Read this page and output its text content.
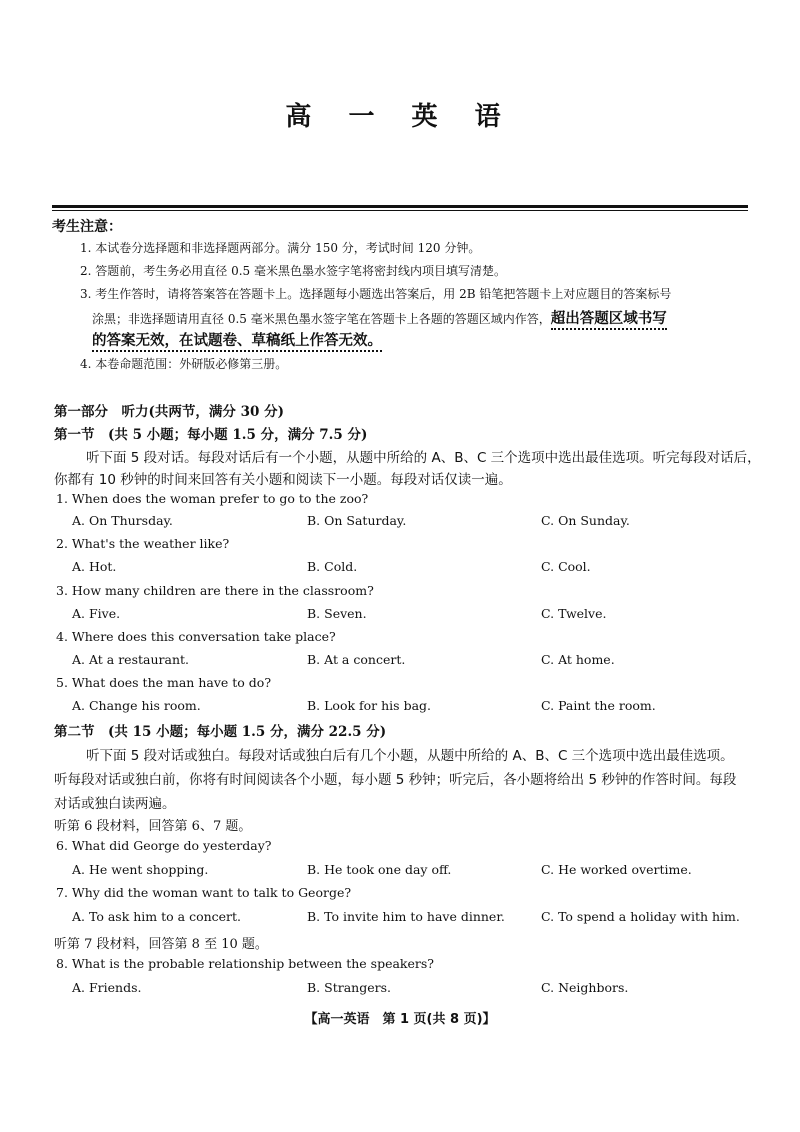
高 一 英 语
考生注意：
1. 本试卷分选择题和非选择题两部分。满分 150 分，考试时间 120 分钟。
2. 答题前，考生务必用直径 0.5 毫米黑色墨水签字笔将密封线内项目填写清楚。
3. 考生作答时，请将答案答在答题卡上。选择题每小题选出答案后，用 2B 铅笔把答题卡上对应题目的答案标号
涂黑；非选择题请用直径 0.5 毫米黑色墨水签字笔在答题卡上各题的答题区域内作答，超出答题区域书写
的答案无效，在试题卷、草稿纸上作答无效。
4. 本卷命题范围：外研版必修第三册。
第一部分　听力(共两节，满分 30 分)
第一节　(共 5 小题；每小题 1.5 分，满分 7.5 分)
听下面 5 段对话。每段对话后有一个小题，从题中所给的 A、B、C 三个选项中选出最佳选项。听完每段对话后，
你都有 10 秒钟的时间来回答有关小题和阅读下一小题。每段对话仅读一遍。
1. When does the woman prefer to go to the zoo?
A. On Thursday.	B. On Saturday.	C. On Sunday.
2. What's the weather like?
A. Hot.	B. Cold.	C. Cool.
3. How many children are there in the classroom?
A. Five.	B. Seven.	C. Twelve.
4. Where does this conversation take place?
A. At a restaurant.	B. At a concert.	C. At home.
5. What does the man have to do?
A. Change his room.	B. Look for his bag.	C. Paint the room.
第二节　(共 15 小题；每小题 1.5 分，满分 22.5 分)
听下面 5 段对话或独白。每段对话或独白后有几个小题，从题中所给的 A、B、C 三个选项中选出最佳选项。
听每段对话或独白前，你将有时间阅读各个小题，每小题 5 秒钟；听完后，各小题将给出 5 秒钟的作答时间。每段
对话或独白读两遍。
听第 6 段材料，回答第 6、7 题。
6. What did George do yesterday?
A. He went shopping.	B. He took one day off.	C. He worked overtime.
7. Why did the woman want to talk to George?
A. To ask him to a concert.	B. To invite him to have dinner.	C. To spend a holiday with him.
听第 7 段材料，回答第 8 至 10 题。
8. What is the probable relationship between the speakers?
A. Friends.	B. Strangers.	C. Neighbors.
【高一英语　第 1 页(共 8 页)】
